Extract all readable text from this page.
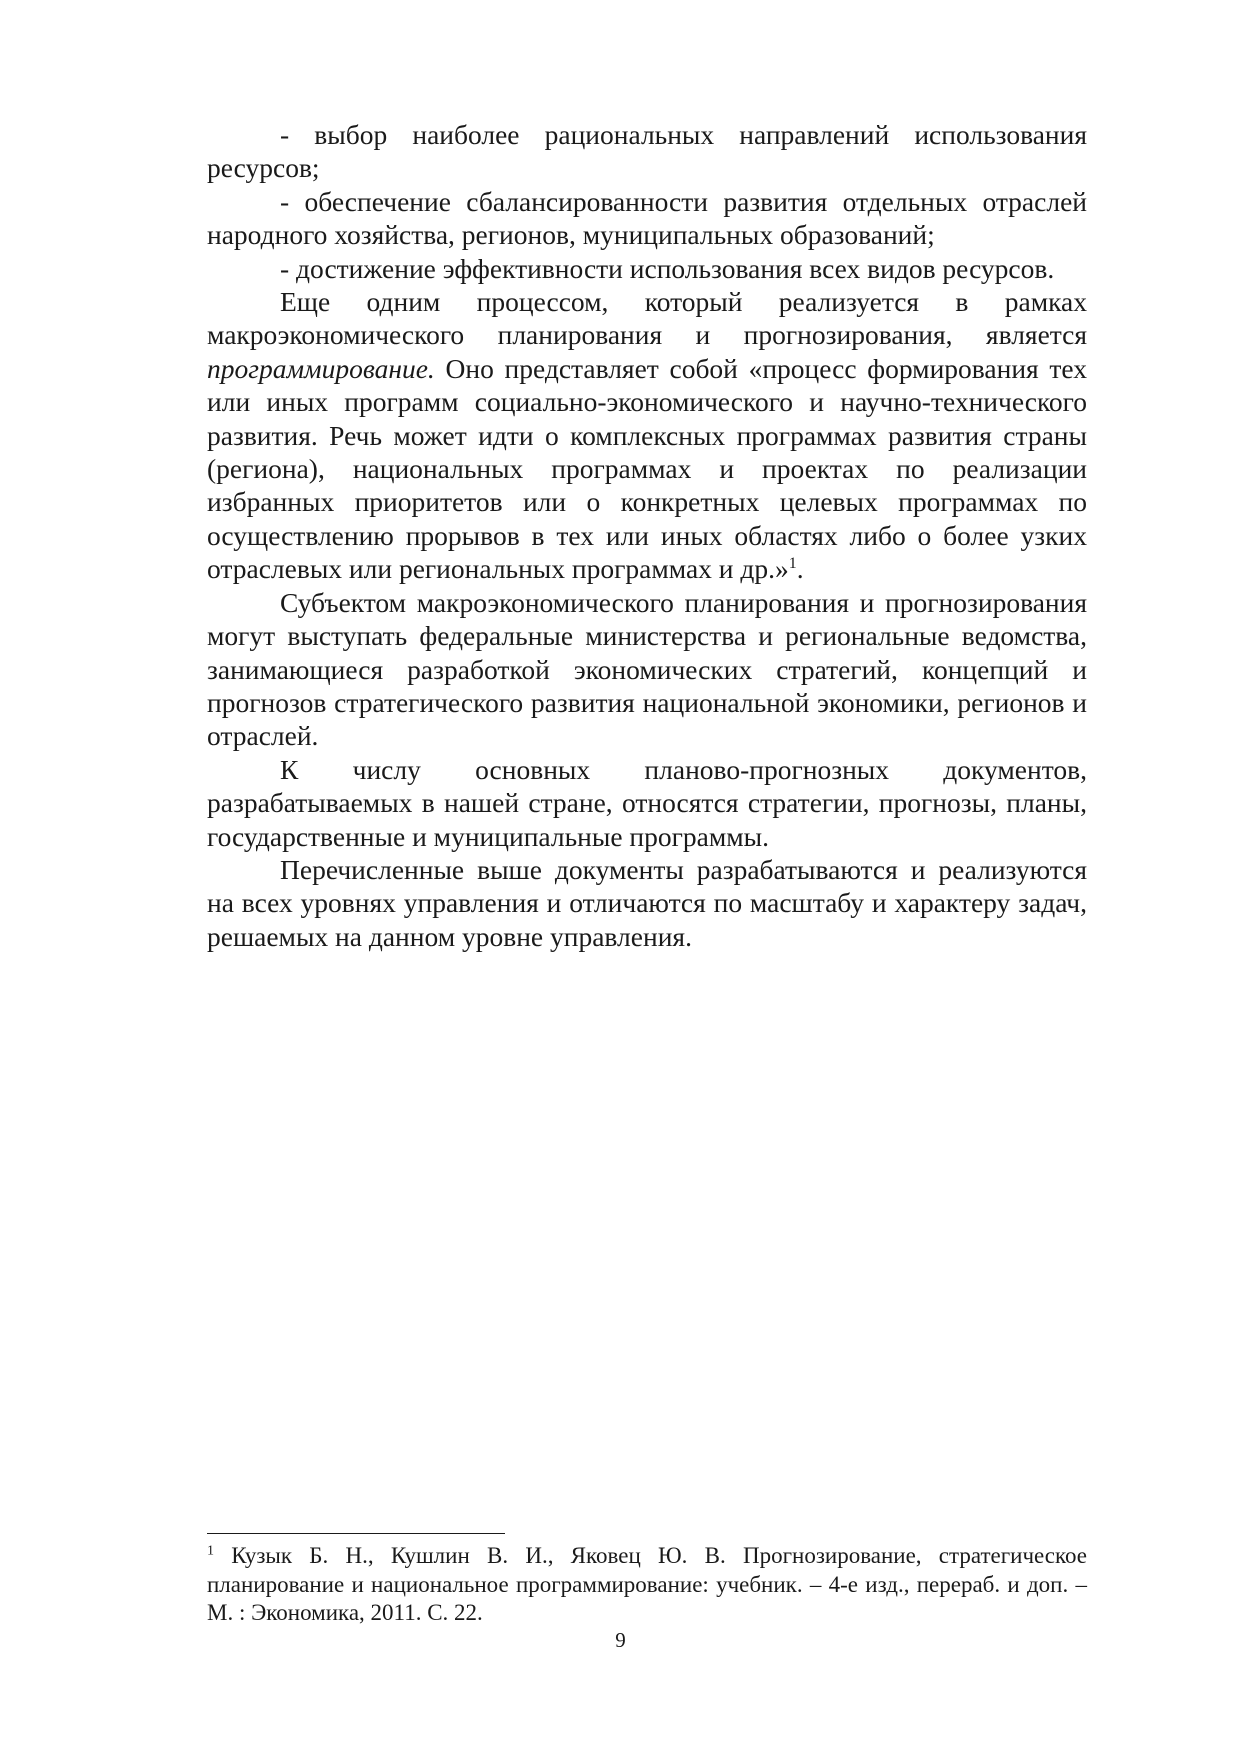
- выбор наиболее рациональных направлений использования ресурсов;

- обеспечение сбалансированности развития отдельных отраслей народного хозяйства, регионов, муниципальных образований;

- достижение эффективности использования всех видов ресурсов.

Еще одним процессом, который реализуется в рамках макроэкономического планирования и прогнозирования, является программирование. Оно представляет собой «процесс формирования тех или иных программ социально-экономического и научно-технического развития. Речь может идти о комплексных программах развития страны (региона), национальных программах и проектах по реализации избранных приоритетов или о конкретных целевых программах по осуществлению прорывов в тех или иных областях либо о более узких отраслевых или региональных программах и др.»$^1$.

Субъектом макроэкономического планирования и прогнозирования могут выступать федеральные министерства и региональные ведомства, занимающиеся разработкой экономических стратегий, концепций и прогнозов стратегического развития национальной экономики, регионов и отраслей.

К числу основных планово-прогнозных документов, разрабатываемых в нашей стране, относятся стратегии, прогнозы, планы, государственные и муниципальные программы.

Перечисленные выше документы разрабатываются и реализуются на всех уровнях управления и отличаются по масштабу и характеру задач, решаемых на данном уровне управления.

$^1$ Кузык Б. Н., Кушлин В. И., Яковец Ю. В. Прогнозирование, стратегическое планирование и национальное программирование: учебник. – 4-е изд., перераб. и доп. – М. : Экономика, 2011. С. 22.

9
